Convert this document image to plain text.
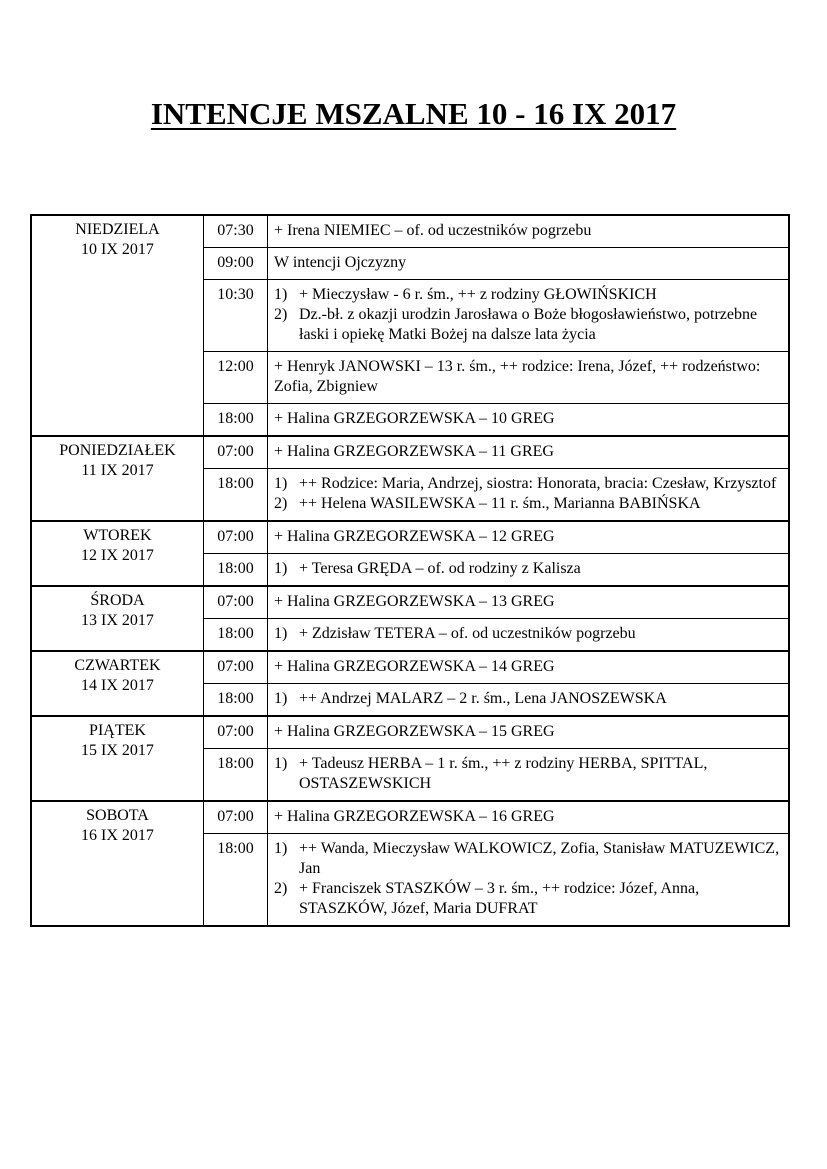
INTENCJE MSZALNE 10 - 16 IX 2017
NIEDZIELA
10 IX 2017	07:30	+ Irena NIEMIEC – of. od uczestników pogrzebu
	09:00	W intencji Ojczyzny
	10:30	1) + Mieczysław - 6 r. śm., ++ z rodziny GŁOWIŃSKICH
2) Dz.-bł. z okazji urodzin Jarosława o Boże błogosławieństwo, potrzebne łaski i opiekę Matki Bożej na dalsze lata życia

	12:00	+ Henryk JANOWSKI – 13 r. śm., ++ rodzice: Irena, Józef, ++ rodzeństwo: Zofia, Zbigniew
	18:00	+ Halina GRZEGORZEWSKA – 10 GREG

PONIEDZIAŁEK
11 IX 2017	07:00	+ Halina GRZEGORZEWSKA – 11 GREG
	18:00	1) ++ Rodzice: Maria, Andrzej, siostra: Honorata, bracia: Czesław, Krzysztof
2) ++ Helena WASILEWSKA – 11 r. śm., Marianna BABIŃSKA

WTOREK
12 IX 2017	07:00	+ Halina GRZEGORZEWSKA – 12 GREG
	18:00	1) + Teresa GRĘDA – of. od rodziny z Kalisza

ŚRODA
13 IX 2017	07:00	+ Halina GRZEGORZEWSKA – 13 GREG
	18:00	1) + Zdzisław TETERA – of. od uczestników pogrzebu

CZWARTEK
14 IX 2017	07:00	+ Halina GRZEGORZEWSKA – 14 GREG
	18:00	1) ++ Andrzej MALARZ – 2 r. śm., Lena JANOSZEWSKA

PIĄTEK
15 IX 2017	07:00	+ Halina GRZEGORZEWSKA – 15 GREG
	18:00	1) + Tadeusz HERBA – 1 r. śm., ++ z rodziny HERBA, SPITTAL, OSTASZEWSKICH

SOBOTA
16 IX 2017	07:00	+ Halina GRZEGORZEWSKA – 16 GREG
	18:00	1) ++ Wanda, Mieczysław WALKOWICZ, Zofia, Stanisław MATUZEWICZ, Jan
2) + Franciszek STASZKÓW – 3 r. śm., ++ rodzice: Józef, Anna, STASZKÓW, Józef, Maria DUFRAT
